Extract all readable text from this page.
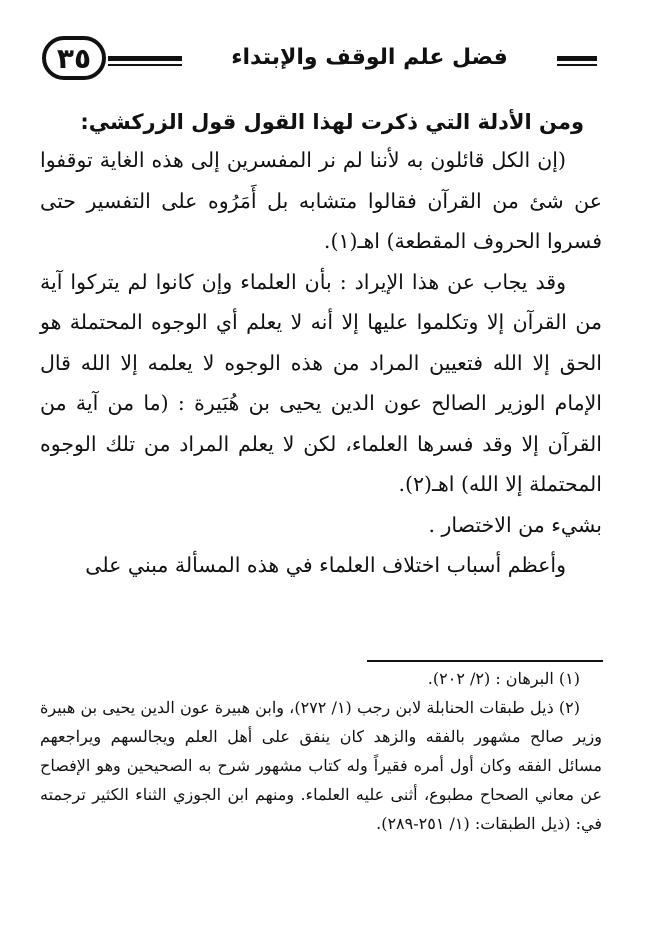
فضل علم الوقف والإبتداء
٣٥

ومن الأدلة التي ذكرت لهذا القول قول الزركشي:

(إن الكل قائلون به لأننا لم نر المفسرين إلى هذه الغاية توقفوا عن شئ من القرآن فقالوا متشابه بل أَمَرُوه على التفسير حتى فسروا الحروف المقطعة) اهـ(١).

وقد يجاب عن هذا الإيراد : بأن العلماء وإن كانوا لم يتركوا آية من القرآن إلا وتكلموا عليها إلا أنه لا يعلم أي الوجوه المحتملة هو الحق إلا الله فتعيين المراد من هذه الوجوه لا يعلمه إلا الله قال الإمام الوزير الصالح عون الدين يحيى بن هُبَيرة : (ما من آية من القرآن إلا وقد فسرها العلماء، لكن لا يعلم المراد من تلك الوجوه المحتملة إلا الله) اهـ(٢).

بشيء من الاختصار .

وأعظم أسباب اختلاف العلماء في هذه المسألة مبني على

(١) البرهان : (٢/ ٢٠٢).

(٢) ذيل طبقات الحنابلة لابن رجب (١/ ٢٧٢)، وابن هبيرة عون الدين يحيى بن هبيرة وزير صالح مشهور بالفقه والزهد كان ينفق على أهل العلم ويجالسهم ويراجعهم مسائل الفقه وكان أول أمره فقيراً وله كتاب مشهور شرح به الصحيحين وهو الإفصاح عن معاني الصحاح مطبوع، أثنى عليه العلماء. ومنهم ابن الجوزي الثناء الكثير ترجمته في: (ذيل الطبقات: (١/ ٢٥١-٢٨٩).
